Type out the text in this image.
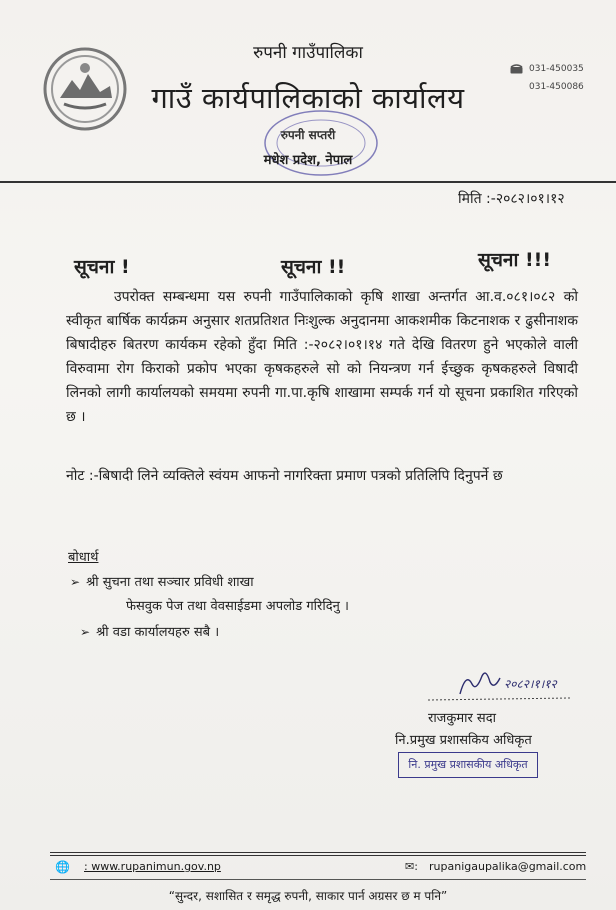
रुपनी गाउँपालिका
गाउँ कार्यपालिकाको कार्यालय
रुपनी सप्तरी
मधेश प्रदेश, नेपाल
031-450035
031-450086
मिति :-२०८२।०१।१२
सूचना !	सूचना !!	सूचना !!!

उपरोक्त सम्बन्धमा यस रुपनी गाउँपालिकाको कृषि शाखा अन्तर्गत आ.व.०८१।०८२ को स्वीकृत बार्षिक कार्यक्रम अनुसार शतप्रतिशत निःशुल्क अनुदानमा आकशमीक किटनाशक र ढुसीनाशक बिषादीहरु बितरण कार्यकम रहेको हुँदा मिति :-२०८२।०१।१४ गते देखि वितरण हुने भएकोले वाली विरुवामा रोग किराको प्रकोप भएका कृषकहरुले सो को नियन्त्रण गर्न ईच्छुक कृषकहरुले विषादी लिनको लागी कार्यालयको समयमा रुपनी गा.पा.कृषि शाखामा सम्पर्क गर्न यो सूचना प्रकाशित गरिएको छ ।

नोट :-बिषादी लिने व्यक्तिले स्वंयम आफनो नागरिक्ता प्रमाण पत्रको प्रतिलिपि दिनुपर्ने छ
बोधार्थ
➢ श्री सुचना तथा सञ्चार प्रविधी शाखा
फेसवुक पेज तथा वेवसाईडमा अपलोड गरिदिनु ।
➢ श्री वडा कार्यालयहरु सबै ।
२०८२।१।१२
राजकुमार सदा
नि.प्रमुख प्रशासकिय अधिकृत
नि. प्रमुख प्रशासकीय अधिकृत
🌐 : www.rupanimun.gov.np	✉: rupanigaupalika@gmail.com
“सुन्दर, सशासित र समृद्ध रुपनी, साकार पार्न अग्रसर छ म पनि”
